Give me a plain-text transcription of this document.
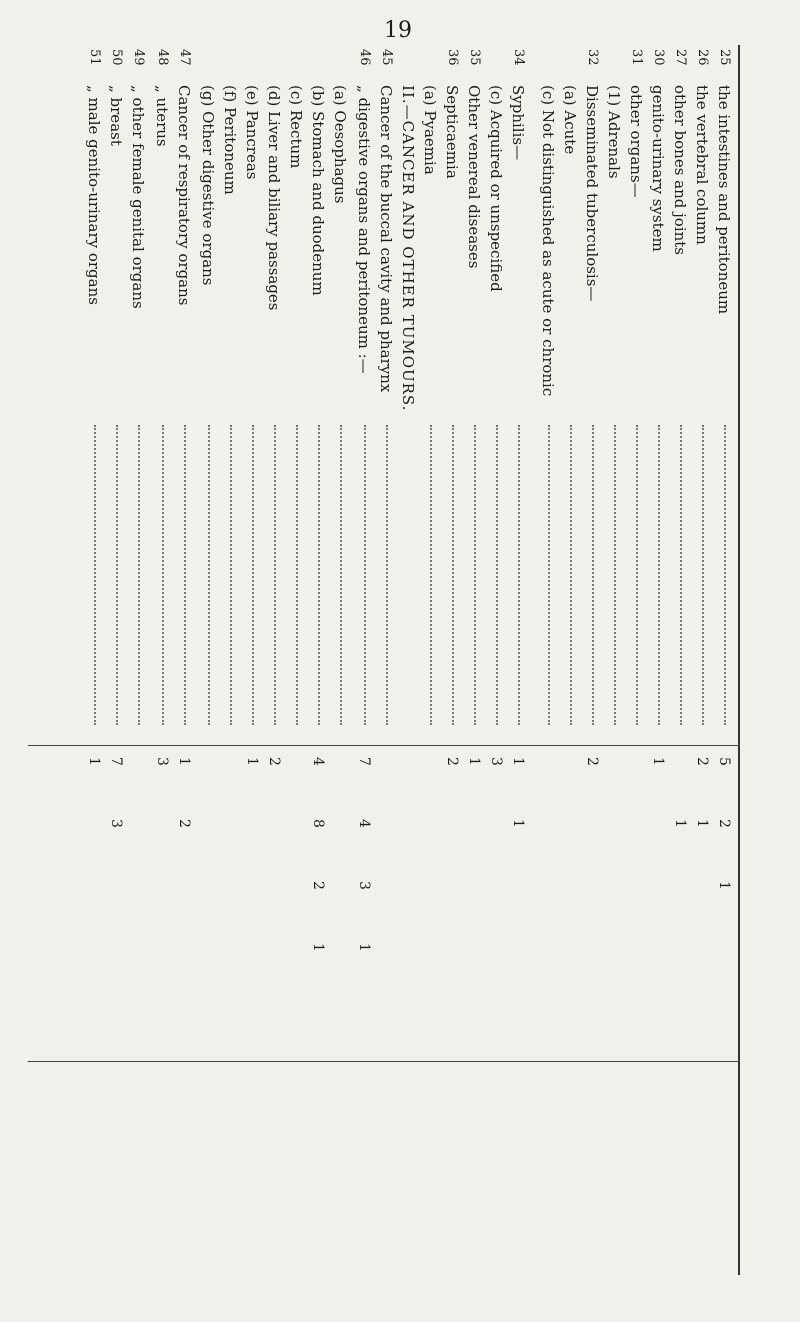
19
25
the intestines and peritoneum
5
2
1
26
the vertebral column
2
1
27
other bones and joints
1
30
genito-urinary system
1
31
other organs—
(1) Adrenals
32
Disseminated tuberculosis—
2
(a) Acute
(c) Not distinguished as acute or chronic
34
Syphilis—
1
1
(c) Acquired or unspecified
3
35
Other venereal diseases
1
36
Septicaemia
2
(a) Pyaemia
II.—CANCER AND OTHER TUMOURS.
45
Cancer of the buccal cavity and pharynx
46
„ digestive organs and peritoneum :—
7
4
3
1
(a) Oesophagus
(b) Stomach and duodenum
4
8
2
1
(c) Rectum
(d) Liver and biliary passages
2
(e) Pancreas
1
(f) Peritoneum
(g) Other digestive organs
47
Cancer of respiratory organs
1
2
48
„ uterus
3
49
„ other female genital organs
50
„ breast
7
3
51
„ male genito-urinary organs
1
